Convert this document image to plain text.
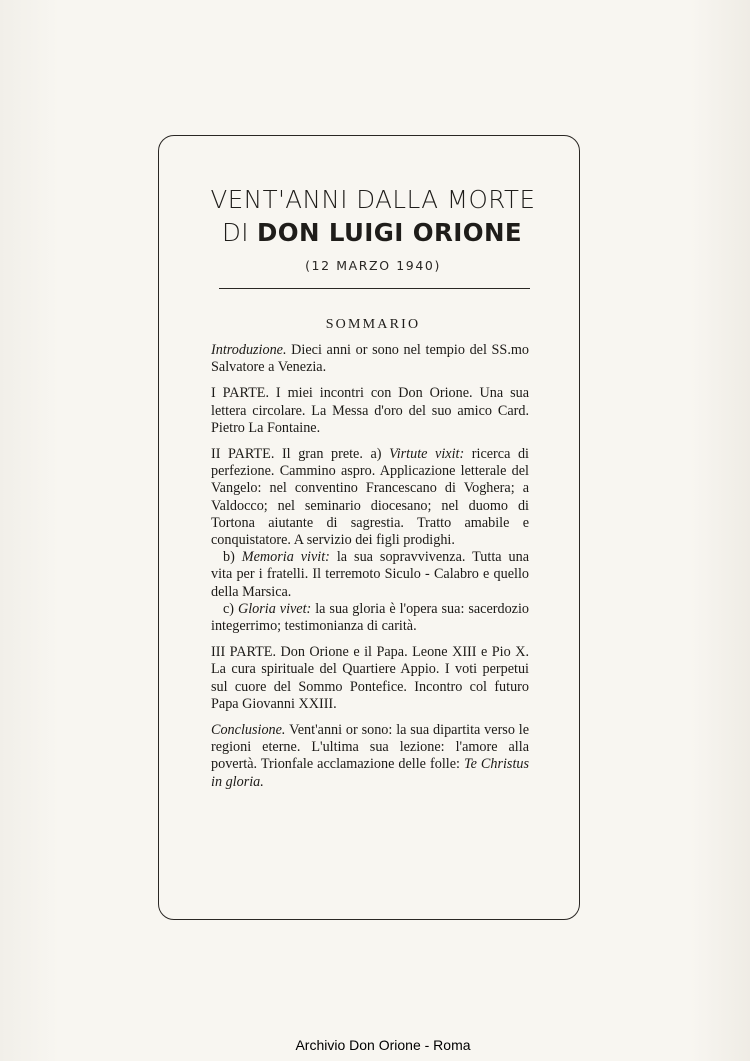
VENT'ANNI DALLA MORTE
DI DON LUIGI ORIONE
(12 MARZO 1940)
SOMMARIO

Introduzione. Dieci anni or sono nel tempio del SS.mo Salvatore a Venezia.

I PARTE. I miei incontri con Don Orione. Una sua lettera circolare. La Messa d'oro del suo amico Card. Pietro La Fontaine.

II PARTE. Il gran prete. a) Virtute vixit: ricerca di perfezione. Cammino aspro. Applicazione letterale del Vangelo: nel conventino Francescano di Voghera; a Valdocco; nel seminario diocesano; nel duomo di Tortona aiutante di sagrestia. Tratto amabile e conquistatore. A servizio dei figli prodighi.

b) Memoria vivit: la sua sopravvivenza. Tutta una vita per i fratelli. Il terremoto Siculo - Calabro e quello della Marsica.

c) Gloria vivet: la sua gloria è l'opera sua: sacerdozio integerrimo; testimonianza di carità.

III PARTE. Don Orione e il Papa. Leone XIII e Pio X. La cura spirituale del Quartiere Appio. I voti perpetui sul cuore del Sommo Pontefice. Incontro col futuro Papa Giovanni XXIII.

Conclusione. Vent'anni or sono: la sua dipartita verso le regioni eterne. L'ultima sua lezione: l'amore alla povertà. Trionfale acclamazione delle folle: Te Christus in gloria.

Archivio Don Orione - Roma
